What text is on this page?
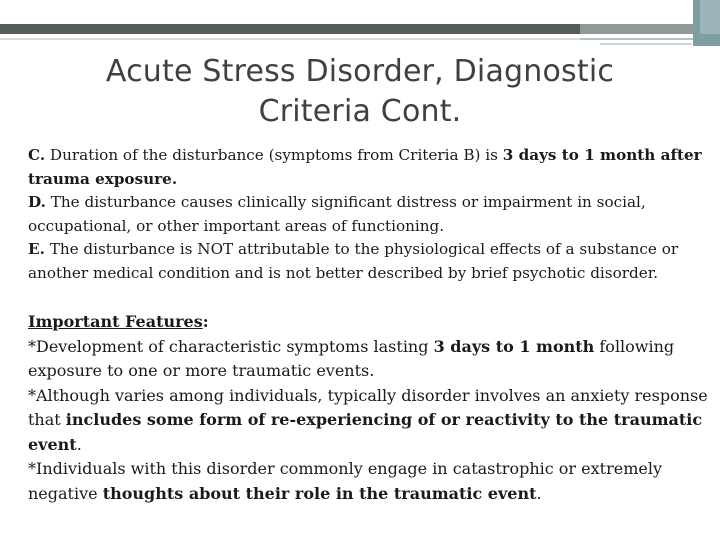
Acute Stress Disorder, Diagnostic
Criteria Cont.

C. Duration of the disturbance (symptoms from Criteria B) is 3 days to 1 month after trauma exposure.

D. The disturbance causes clinically significant distress or impairment in social, occupational, or other important areas of functioning.

E. The disturbance is NOT attributable to the physiological effects of a substance or another medical condition and is not better described by brief psychotic disorder.

Important Features:

*Development of characteristic symptoms lasting 3 days to 1 month following exposure to one or more traumatic events.

*Although varies among individuals, typically disorder involves an anxiety response that includes some form of re-experiencing of or reactivity to the traumatic event.

*Individuals with this disorder commonly engage in catastrophic or extremely negative thoughts about their role in the traumatic event.
